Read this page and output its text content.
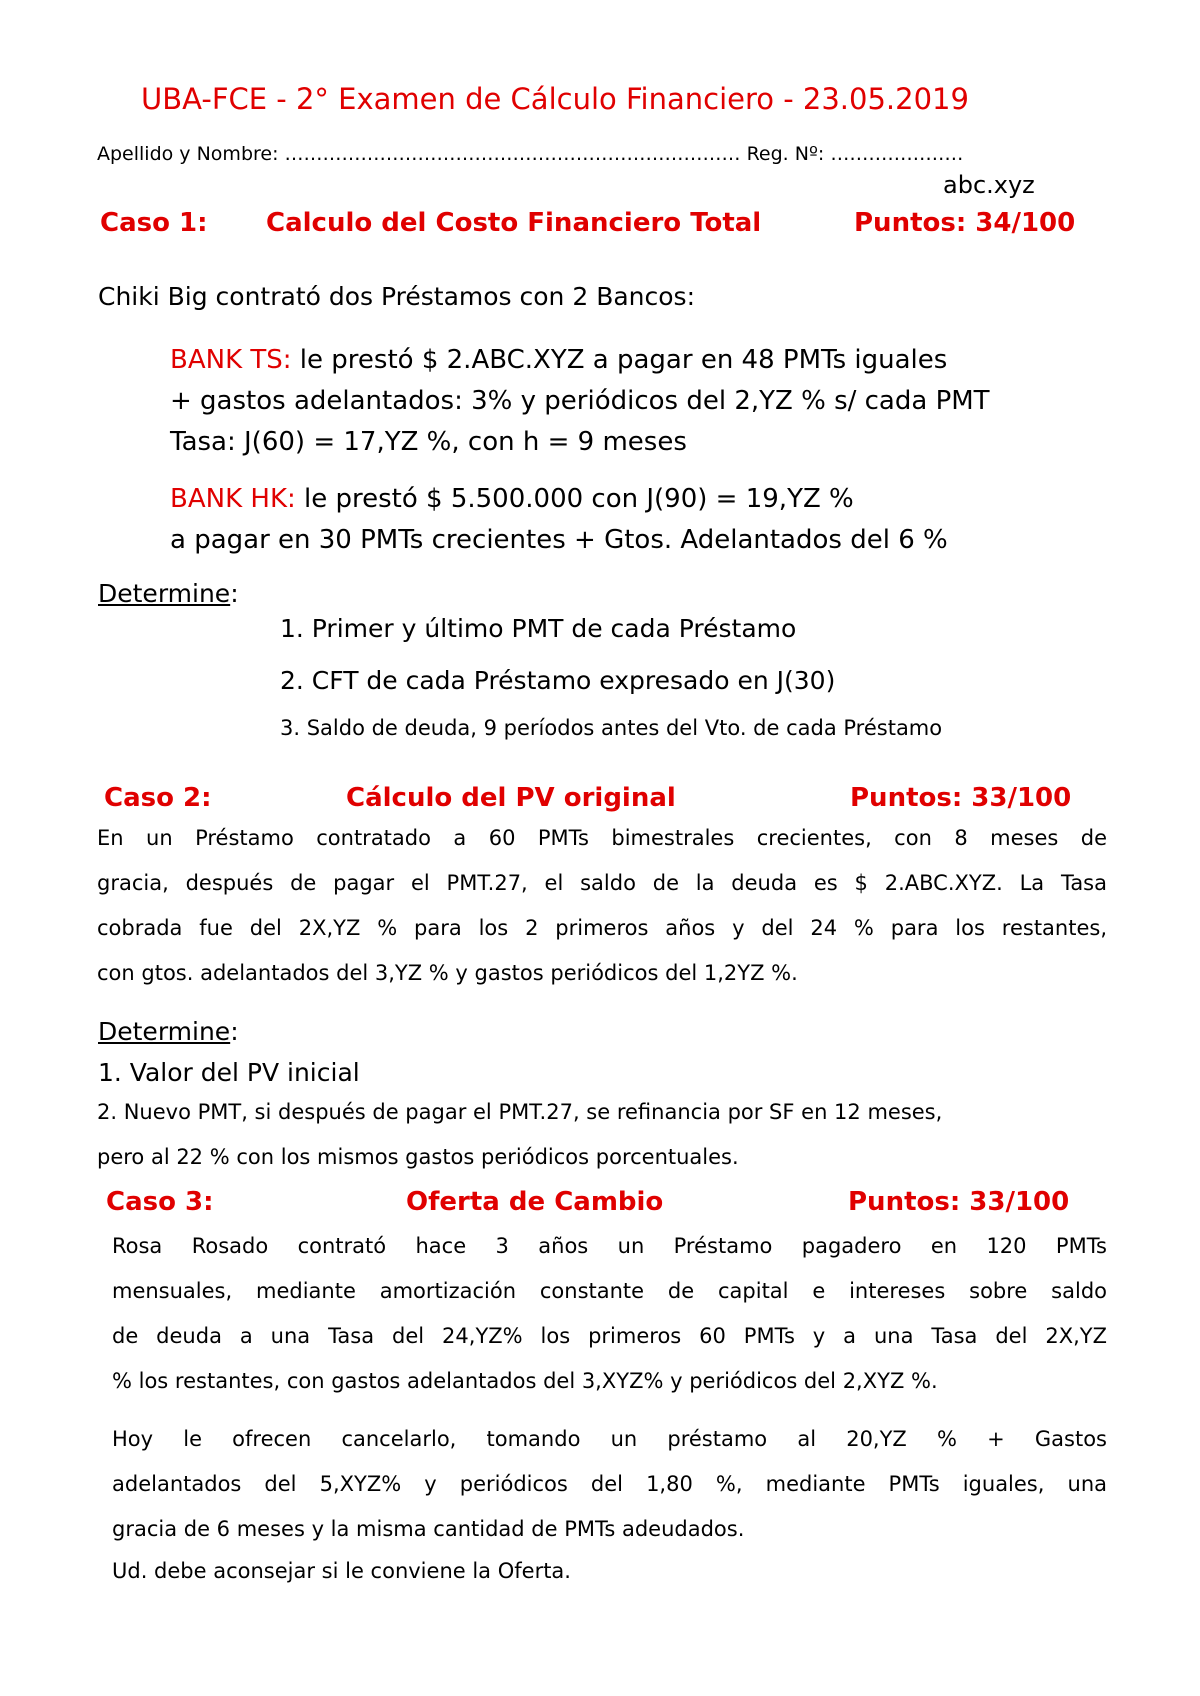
UBA-FCE - 2° Examen de Cálculo Financiero - 23.05.2019
Apellido y Nombre: ……………………………………………………………… Reg. Nº: …………………
abc.xyz
Caso 1: Calculo del Costo Financiero Total	Puntos: 34/100
Chiki Big contrató dos Préstamos con 2 Bancos:
BANK TS: le prestó $ 2.ABC.XYZ a pagar en 48 PMTs iguales
+ gastos adelantados: 3% y periódicos del 2,YZ % s/ cada PMT
Tasa: J(60) = 17,YZ %, con h = 9 meses
BANK HK: le prestó $ 5.500.000 con J(90) = 19,YZ %
a pagar en 30 PMTs crecientes + Gtos. Adelantados del 6 %
Determine:
1. Primer y último PMT de cada Préstamo
2. CFT de cada Préstamo expresado en J(30)
3. Saldo de deuda, 9 períodos antes del Vto. de cada Préstamo
Caso 2:	Cálculo del PV original	Puntos: 33/100
En un Préstamo contratado a 60 PMTs bimestrales crecientes, con 8 meses de
gracia, después de pagar el PMT.27, el saldo de la deuda es $ 2.ABC.XYZ. La Tasa
cobrada fue del 2X,YZ % para los 2 primeros años y del 24 % para los restantes,
con gtos. adelantados del 3,YZ % y gastos periódicos del 1,2YZ %.
Determine:
1. Valor del PV inicial
2. Nuevo PMT, si después de pagar el PMT.27, se refinancia por SF en 12 meses,
pero al 22 % con los mismos gastos periódicos porcentuales.
Caso 3:	Oferta de Cambio	Puntos: 33/100
Rosa Rosado contrató hace 3 años un Préstamo pagadero en 120 PMTs
mensuales, mediante amortización constante de capital e intereses sobre saldo
de deuda a una Tasa del 24,YZ% los primeros 60 PMTs y a una Tasa del 2X,YZ
% los restantes, con gastos adelantados del 3,XYZ% y periódicos del 2,XYZ %.
Hoy le ofrecen cancelarlo, tomando un préstamo al 20,YZ % + Gastos
adelantados del 5,XYZ% y periódicos del 1,80 %, mediante PMTs iguales, una
gracia de 6 meses y la misma cantidad de PMTs adeudados.
Ud. debe aconsejar si le conviene la Oferta.
